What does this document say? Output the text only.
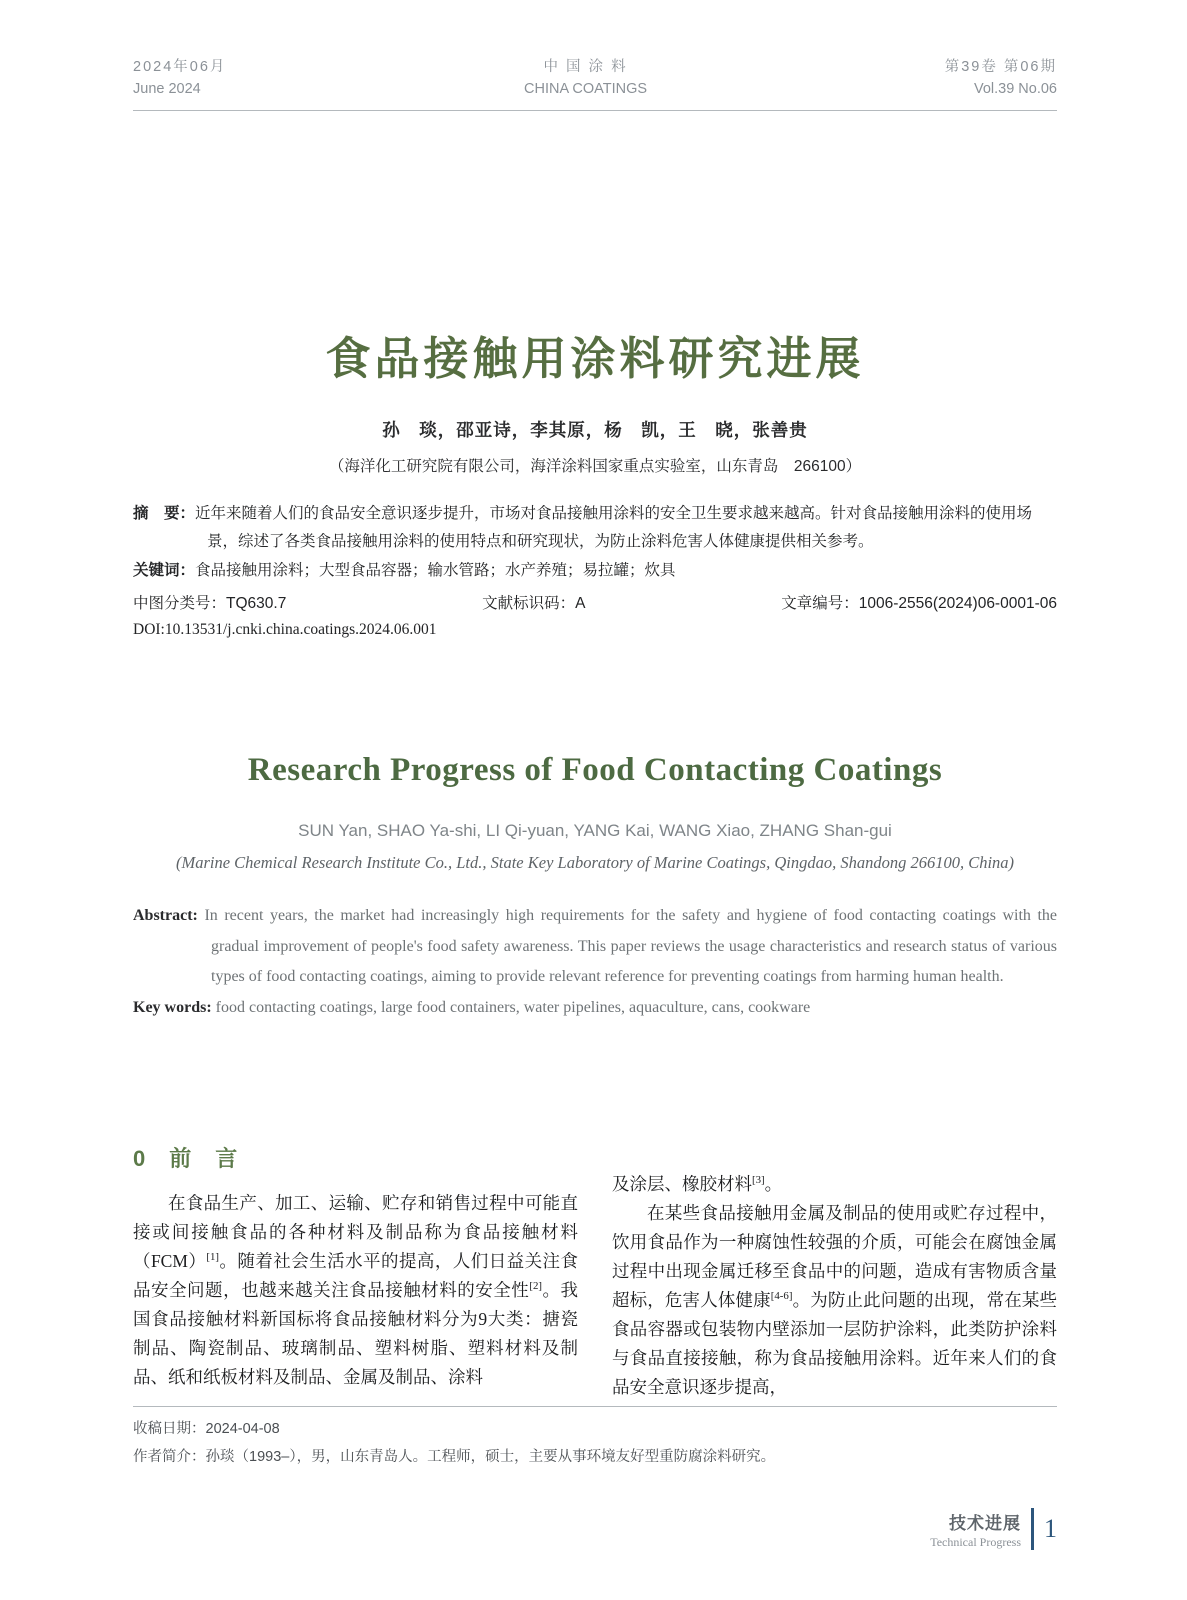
2024年06月
June 2024
中 国 涂 料
CHINA COATINGS
第39卷 第06期
Vol.39 No.06
食品接触用涂料研究进展
孙　琰，邵亚诗，李其原，杨　凯，王　晓，张善贵
（海洋化工研究院有限公司，海洋涂料国家重点实验室，山东青岛　266100）
摘　要：近年来随着人们的食品安全意识逐步提升，市场对食品接触用涂料的安全卫生要求越来越高。针对食品接触用涂料的使用场景，综述了各类食品接触用涂料的使用特点和研究现状，为防止涂料危害人体健康提供相关参考。
关键词：食品接触用涂料；大型食品容器；输水管路；水产养殖；易拉罐；炊具
中图分类号：TQ630.7	文献标识码：A	文章编号：1006-2556(2024)06-0001-06
DOI:10.13531/j.cnki.china.coatings.2024.06.001
Research Progress of Food Contacting Coatings
SUN Yan, SHAO Ya-shi, LI Qi-yuan, YANG Kai, WANG Xiao, ZHANG Shan-gui
(Marine Chemical Research Institute Co., Ltd., State Key Laboratory of Marine Coatings, Qingdao, Shandong 266100, China)
Abstract: In recent years, the market had increasingly high requirements for the safety and hygiene of food contacting coatings with the gradual improvement of people's food safety awareness. This paper reviews the usage characteristics and research status of various types of food contacting coatings, aiming to provide relevant reference for preventing coatings from harming human health.
Key words: food contacting coatings, large food containers, water pipelines, aquaculture, cans, cookware
0　前　言

在食品生产、加工、运输、贮存和销售过程中可能直接或间接触食品的各种材料及制品称为食品接触材料（FCM）[1]。随着社会生活水平的提高，人们日益关注食品安全问题，也越来越关注食品接触材料的安全性[2]。我国食品接触材料新国标将食品接触材料分为9大类：搪瓷制品、陶瓷制品、玻璃制品、塑料树脂、塑料材料及制品、纸和纸板材料及制品、金属及制品、涂料

及涂层、橡胶材料[3]。

在某些食品接触用金属及制品的使用或贮存过程中，饮用食品作为一种腐蚀性较强的介质，可能会在腐蚀金属过程中出现金属迁移至食品中的问题，造成有害物质含量超标，危害人体健康[4-6]。为防止此问题的出现，常在某些食品容器或包装物内壁添加一层防护涂料，此类防护涂料与食品直接接触，称为食品接触用涂料。近年来人们的食品安全意识逐步提高，

收稿日期：2024-04-08
作者简介：孙琰（1993–），男，山东青岛人。工程师，硕士，主要从事环境友好型重防腐涂料研究。
技术进展
Technical Progress 1
